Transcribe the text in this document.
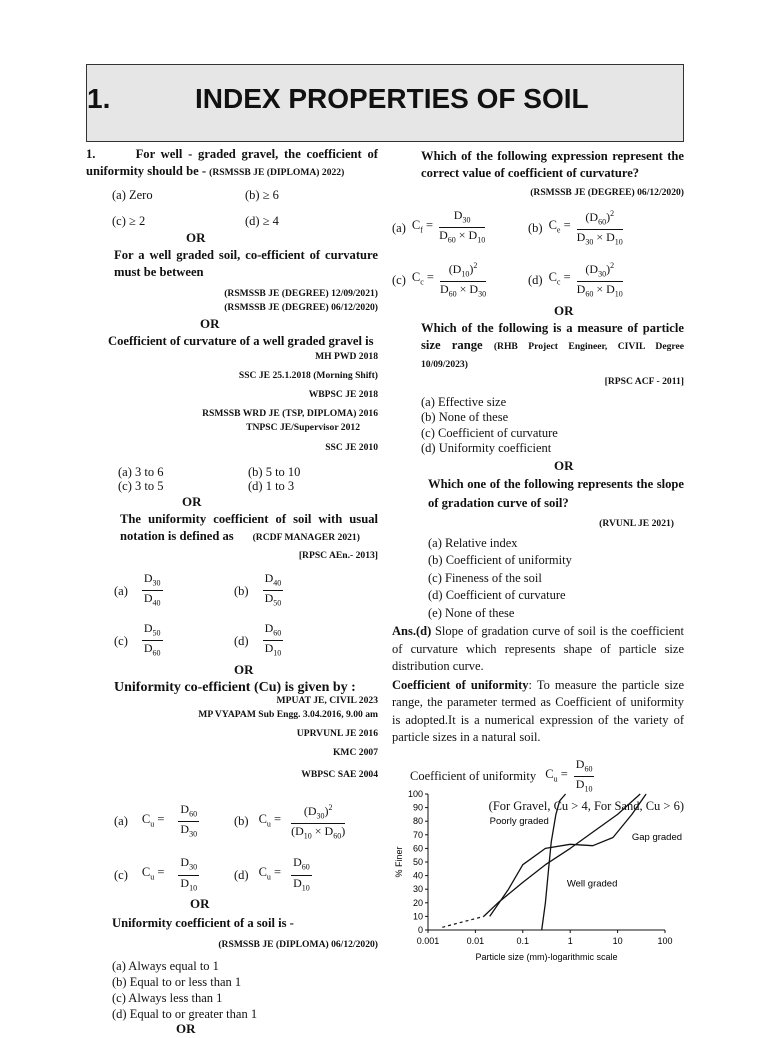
1.	INDEX PROPERTIES OF SOIL
1.	For well - graded gravel, the coefficient of uniformity should be - (RSMSSB JE (DIPLOMA) 2022)
(a) Zero	(b) ≥ 6
(c) ≥ 2	(d) ≥ 4
OR
For a well graded soil, co-efficient of curvature must be between
(RSMSSB JE (DEGREE) 12/09/2021)
(RSMSSB JE (DEGREE) 06/12/2020)
OR
Coefficient of curvature of a well graded gravel is
MH PWD 2018
SSC JE 25.1.2018 (Morning Shift)
WBPSC JE 2018
RSMSSB WRD JE (TSP, DIPLOMA) 2016
TNPSC JE/Supervisor 2012
SSC JE 2010
(a) 3 to 6	(b) 5 to 10
(c) 3 to 5	(d) 1 to 3
OR
The uniformity coefficient of soil with usual notation is defined as (RCDF MANAGER 2021)
[RPSC AEn.- 2013]
$(a) \frac{D_{30}}{D_{40}}$	$(b) \frac{D_{40}}{D_{50}}$
$(c) \frac{D_{50}}{D_{60}}$	$(d) \frac{D_{60}}{D_{10}}$
OR
Uniformity co-efficient (Cu) is given by :
MPUAT JE, CIVIL 2023
MP VYAPAM Sub Engg. 3.04.2016, 9.00 am
UPRVUNL JE 2016
KMC 2007
WBPSC SAE 2004
(a) $C_u = \frac{D_{60}}{D_{30}}$	(b) $C_u = \frac{(D_{30})^2}{(D_{10} \times D_{60})}$
(c) $C_u = \frac{D_{30}}{D_{10}}$	(d) $C_u = \frac{D_{60}}{D_{10}}$
OR
Uniformity coefficient of a soil is -
(RSMSSB JE (DIPLOMA) 06/12/2020)
(a) Always equal to 1
(b) Equal to or less than 1
(c) Always less than 1
(d) Equal to or greater than 1
OR
Which of the following expression represent the correct value of coefficient of curvature?
(RSMSSB JE (DEGREE) 06/12/2020)
(a) $C_f = \frac{D_{30}}{D_{60} \times D_{10}}$	(b) $C_e = \frac{(D_{60})^2}{D_{30} \times D_{10}}$
(c) $C_c = \frac{(D_{10})^2}{D_{60} \times D_{30}}$	(d) $C_c = \frac{(D_{30})^2}{D_{60} \times D_{10}}$
OR
Which of the following is a measure of particle size range (RHB Project Engineer, CIVIL Degree 10/09/2023)
[RPSC ACF - 2011]
(a) Effective size
(b) None of these
(c) Coefficient of curvature
(d) Uniformity coefficient
OR
Which one of the following represents the slope of gradation curve of soil?
(RVUNL JE 2021)
(a) Relative index
(b) Coefficient of uniformity
(c) Fineness of the soil
(d) Coefficient of curvature
(e) None of these
Ans.(d) Slope of gradation curve of soil is the coefficient of curvature which represents shape of particle size distribution curve.
Coefficient of uniformity: To measure the particle size range, the parameter termed as Coefficient of uniformity is adopted.It is a numerical expression of the variety of particle sizes in a natural soil.
Coefficient of uniformity $C_u = \frac{D_{60}}{D_{10}}$
(For Gravel, Cu > 4, For Sand, Cu > 6)
0
10
20
30
40
50
60
70
80
90
100
0.001	0.01	0.1	1	10	100
Particle size (mm)-logarithmic scale
% Finer
Poorly graded
Gap graded
Well graded
